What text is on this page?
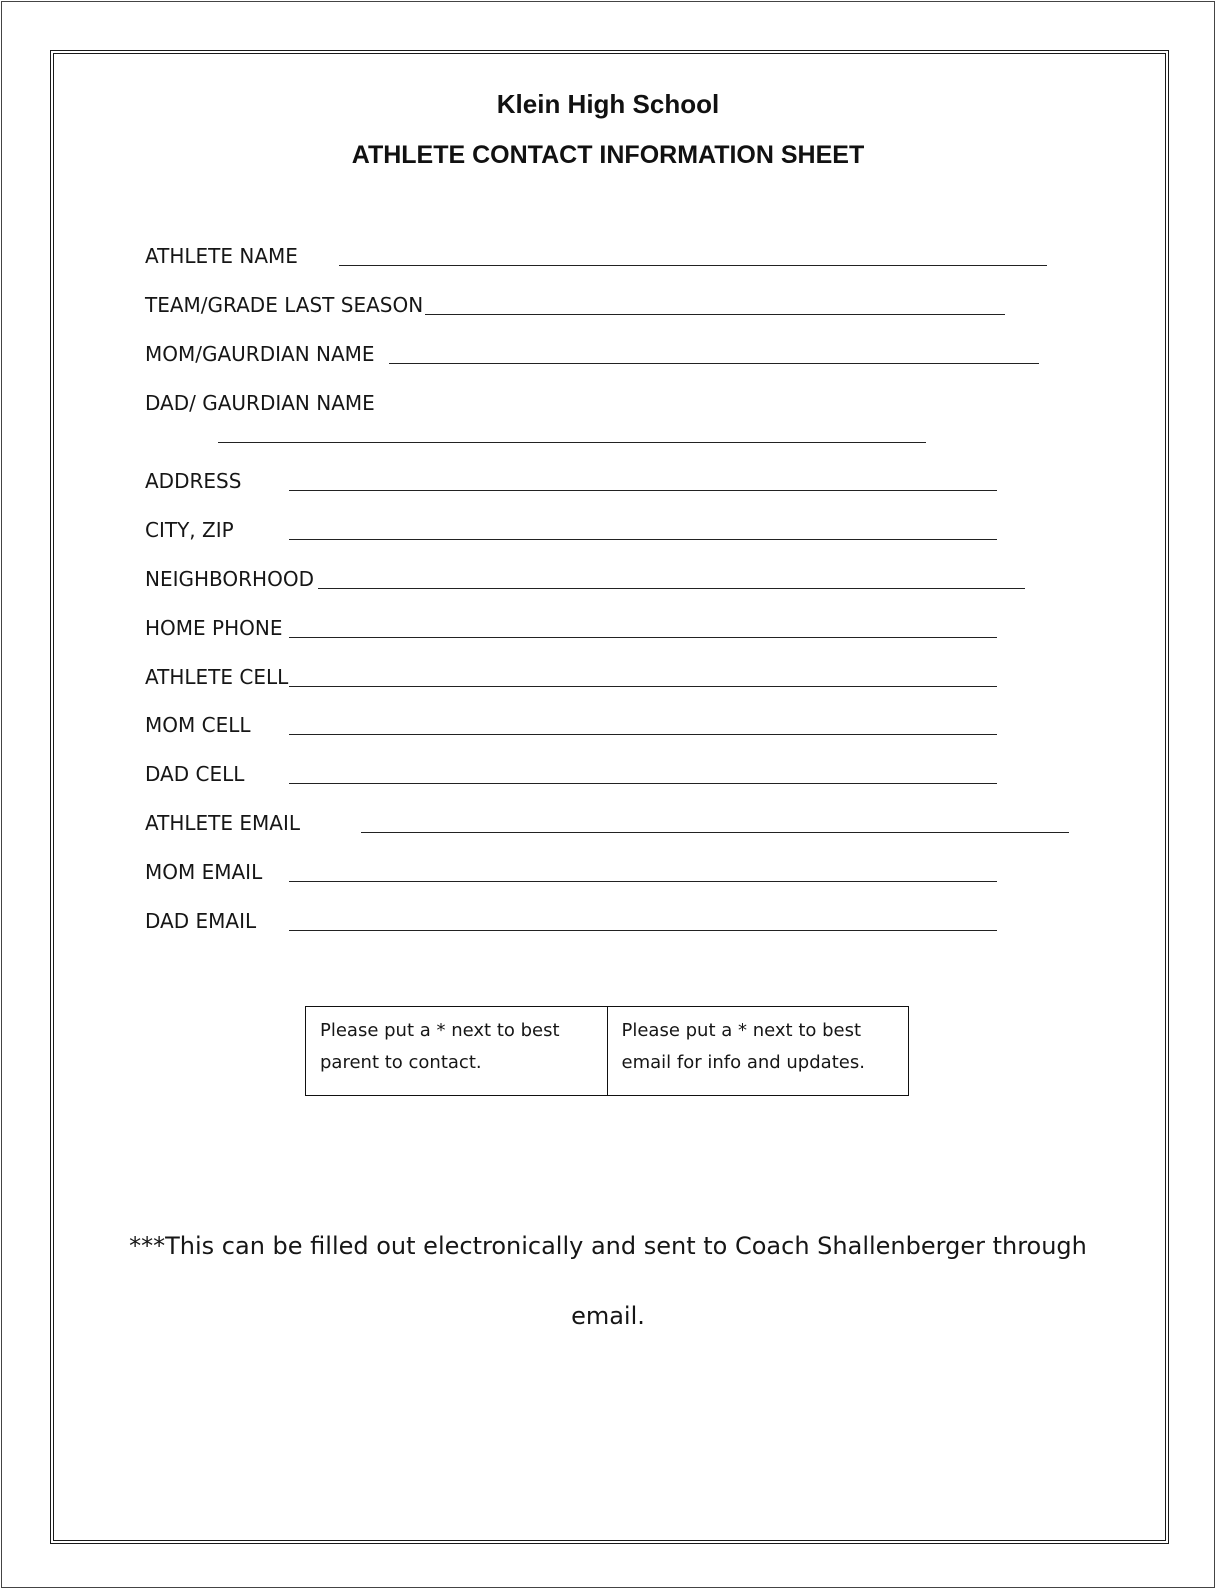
Klein High School
ATHLETE CONTACT INFORMATION SHEET
ATHLETE NAME
TEAM/GRADE LAST SEASON
MOM/GAURDIAN NAME
DAD/ GAURDIAN NAME
ADDRESS
CITY, ZIP
NEIGHBORHOOD
HOME PHONE
ATHLETE CELL
MOM CELL
DAD CELL
ATHLETE EMAIL
MOM EMAIL
DAD EMAIL
Please put a * next to best parent to contact.
Please put a * next to best email for info and updates.
***This can be filled out electronically and sent to Coach Shallenberger through
email.
